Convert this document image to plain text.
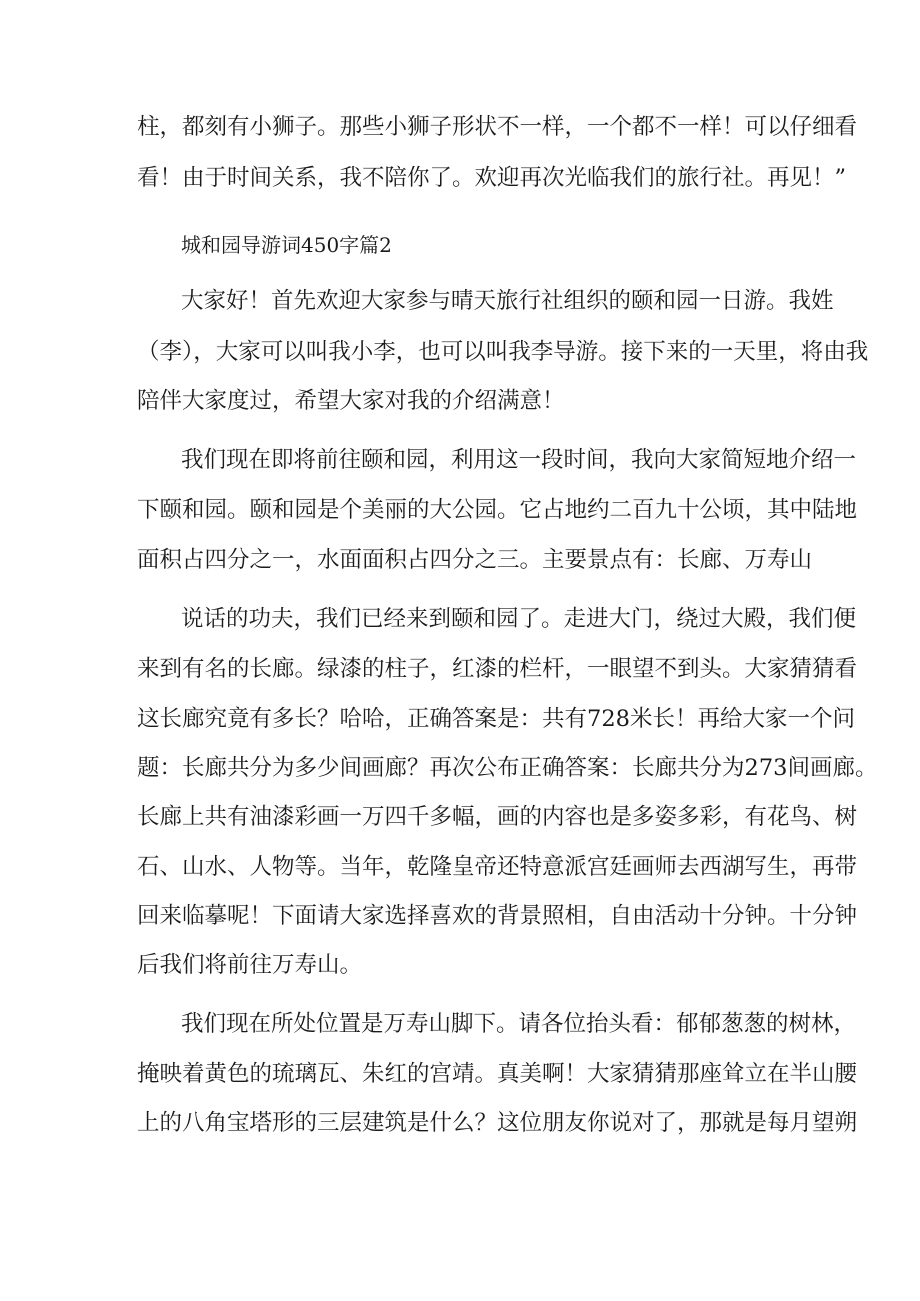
柱，都刻有小狮子。那些小狮子形状不一样，一个都不一样！可以仔细看
看！由于时间关系，我不陪你了。欢迎再次光临我们的旅行社。再见！”
城和园导游词450字篇2
大家好！首先欢迎大家参与晴天旅行社组织的颐和园一日游。我姓
（李），大家可以叫我小李，也可以叫我李导游。接下来的一天里，将由我
陪伴大家度过，希望大家对我的介绍满意！
我们现在即将前往颐和园，利用这一段时间，我向大家简短地介绍一
下颐和园。颐和园是个美丽的大公园。它占地约二百九十公顷，其中陆地
面积占四分之一，水面面积占四分之三。主要景点有：长廊、万寿山
说话的功夫，我们已经来到颐和园了。走进大门，绕过大殿，我们便
来到有名的长廊。绿漆的柱子，红漆的栏杆，一眼望不到头。大家猜猜看
这长廊究竟有多长？哈哈，正确答案是：共有728米长！再给大家一个问
题：长廊共分为多少间画廊？再次公布正确答案：长廊共分为273间画廊。
长廊上共有油漆彩画一万四千多幅，画的内容也是多姿多彩，有花鸟、树
石、山水、人物等。当年，乾隆皇帝还特意派宫廷画师去西湖写生，再带
回来临摹呢！下面请大家选择喜欢的背景照相，自由活动十分钟。十分钟
后我们将前往万寿山。
我们现在所处位置是万寿山脚下。请各位抬头看：郁郁葱葱的树林，
掩映着黄色的琉璃瓦、朱红的宫靖。真美啊！大家猜猜那座耸立在半山腰
上的八角宝塔形的三层建筑是什么？这位朋友你说对了，那就是每月望朔
